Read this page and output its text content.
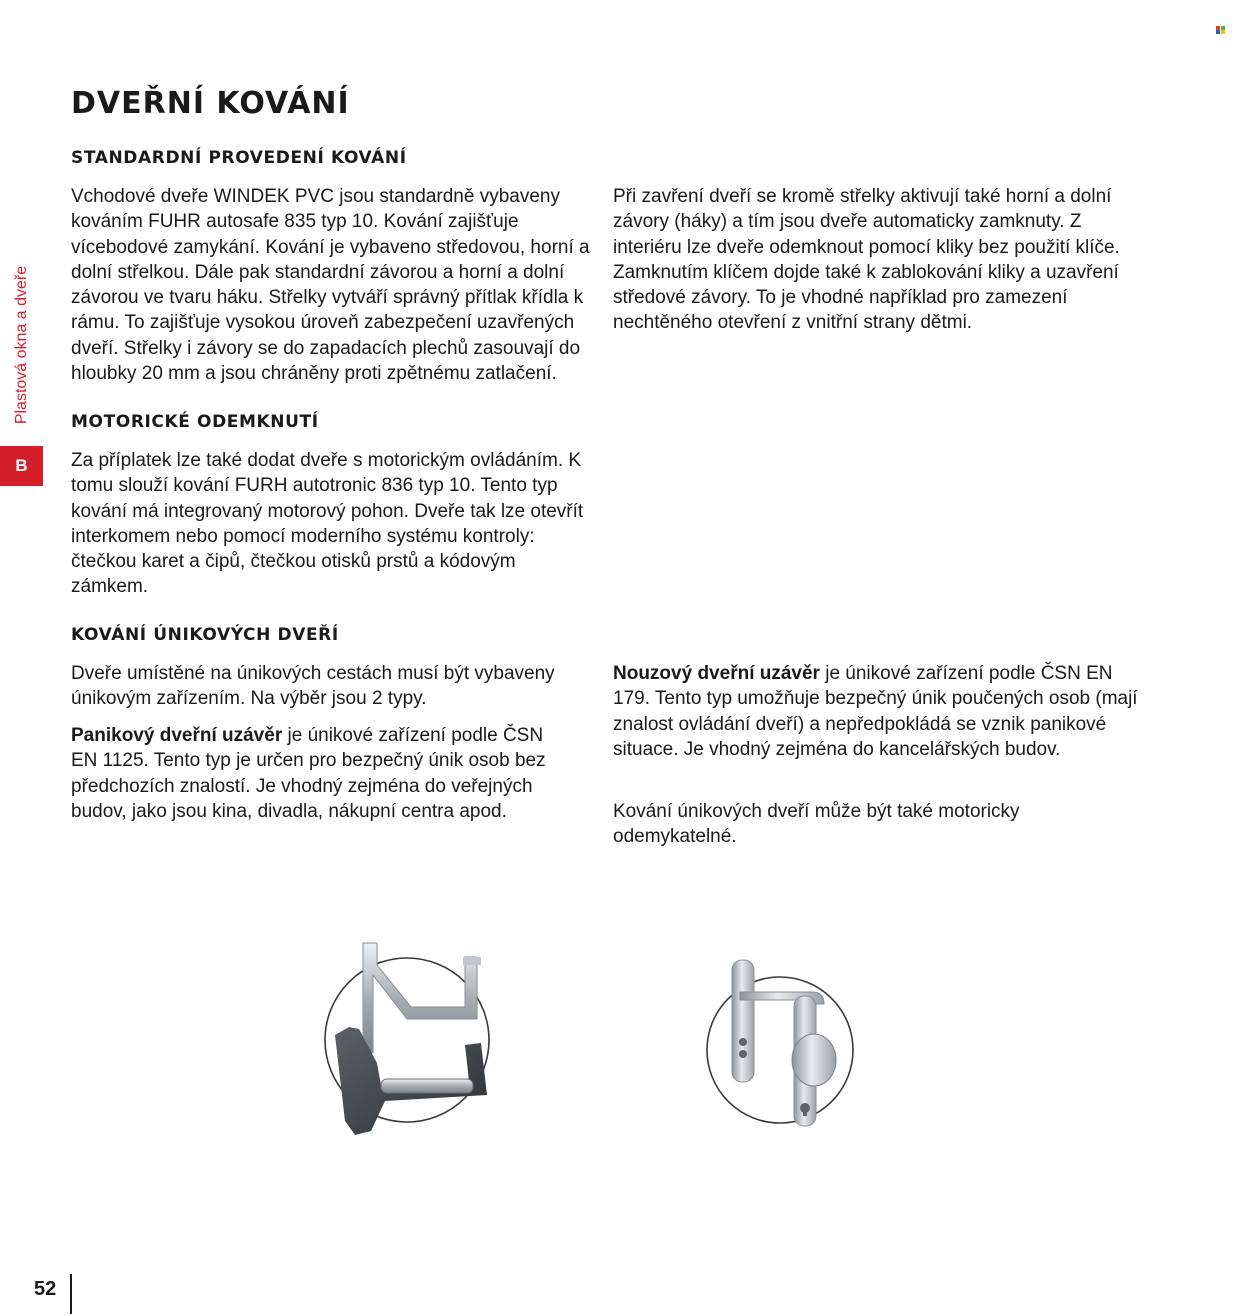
Plastová okna a dveře
B
DVEŘNÍ KOVÁNÍ
STANDARDNÍ PROVEDENÍ KOVÁNÍ

Vchodové dveře WINDEK PVC jsou standardně vybaveny kováním FUHR autosafe 835 typ 10. Kování zajišťuje vícebodové zamykání. Kování je vybaveno středovou, horní a dolní střelkou. Dále pak standardní závorou a horní a dolní závorou ve tvaru háku. Střelky vytváří správný přítlak křídla k rámu. To zajišťuje vysokou úroveň zabezpečení uzavřených dveří. Střelky i závory se do zapadacích plechů zasouvají do hloubky 20 mm a jsou chráněny proti zpětnému zatlačení.

Při zavření dveří se kromě střelky aktivují také horní a dolní závory (háky) a tím jsou dveře automaticky zamknuty. Z interiéru lze dveře odemknout pomocí kliky bez použití klíče. Zamknutím klíčem dojde také k zablokování kliky a uzavření středové závory. To je vhodné například pro zamezení nechtěného otevření z vnitřní strany dětmi.

MOTORICKÉ ODEMKNUTÍ

Za příplatek lze také dodat dveře s motorickým ovládáním. K tomu slouží kování FURH autotronic 836 typ 10. Tento typ kování má integrovaný motorový pohon. Dveře tak lze otevřít interkomem nebo pomocí moderního systému kontroly: čtečkou karet a čipů, čtečkou otisků prstů a kódovým zámkem.

KOVÁNÍ ÚNIKOVÝCH DVEŘÍ

Dveře umístěné na únikových cestách musí být vybaveny únikovým zařízením. Na výběr jsou 2 typy.

Panikový dveřní uzávěr je únikové zařízení podle ČSN EN 1125. Tento typ je určen pro bezpečný únik osob bez předchozích znalostí. Je vhodný zejména do veřejných budov, jako jsou kina, divadla, nákupní centra apod.

Nouzový dveřní uzávěr je únikové zařízení podle ČSN EN 179. Tento typ umožňuje bezpečný únik poučených osob (mají znalost ovládání dveří) a nepředpokládá se vznik panikové situace. Je vhodný zejména do kancelářských budov.

Kování únikových dveří může být také motoricky odemykatelné.

52
